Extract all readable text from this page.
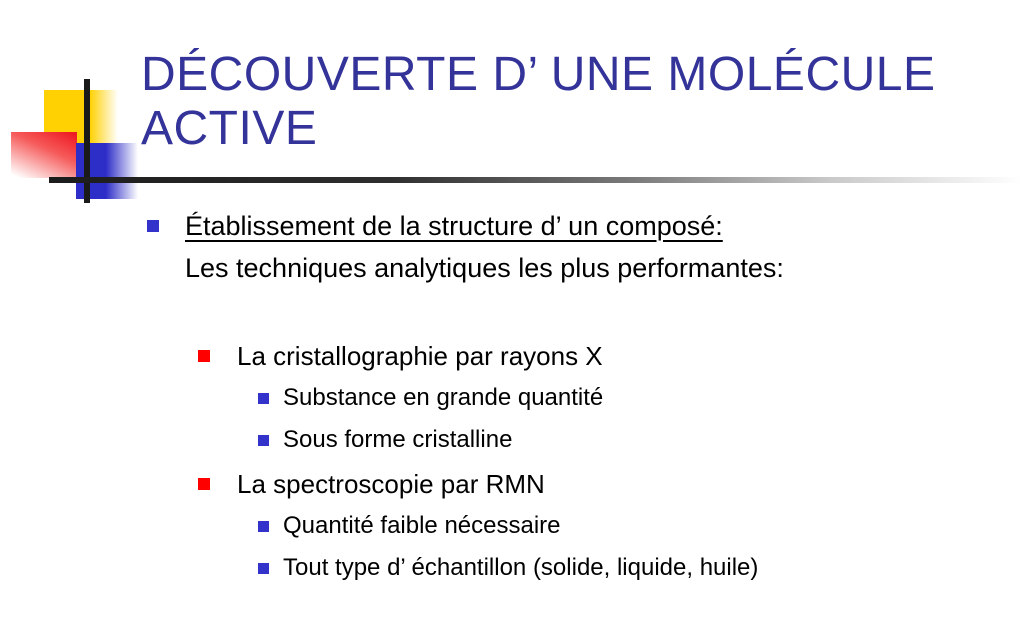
DÉCOUVERTE D’ UNE MOLÉCULE
ACTIVE
Établissement de la structure d’ un composé:
Les techniques analytiques les plus performantes:
La cristallographie par rayons X
Substance en grande quantité
Sous forme cristalline
La spectroscopie par RMN
Quantité faible nécessaire
Tout type d’ échantillon (solide, liquide, huile)
